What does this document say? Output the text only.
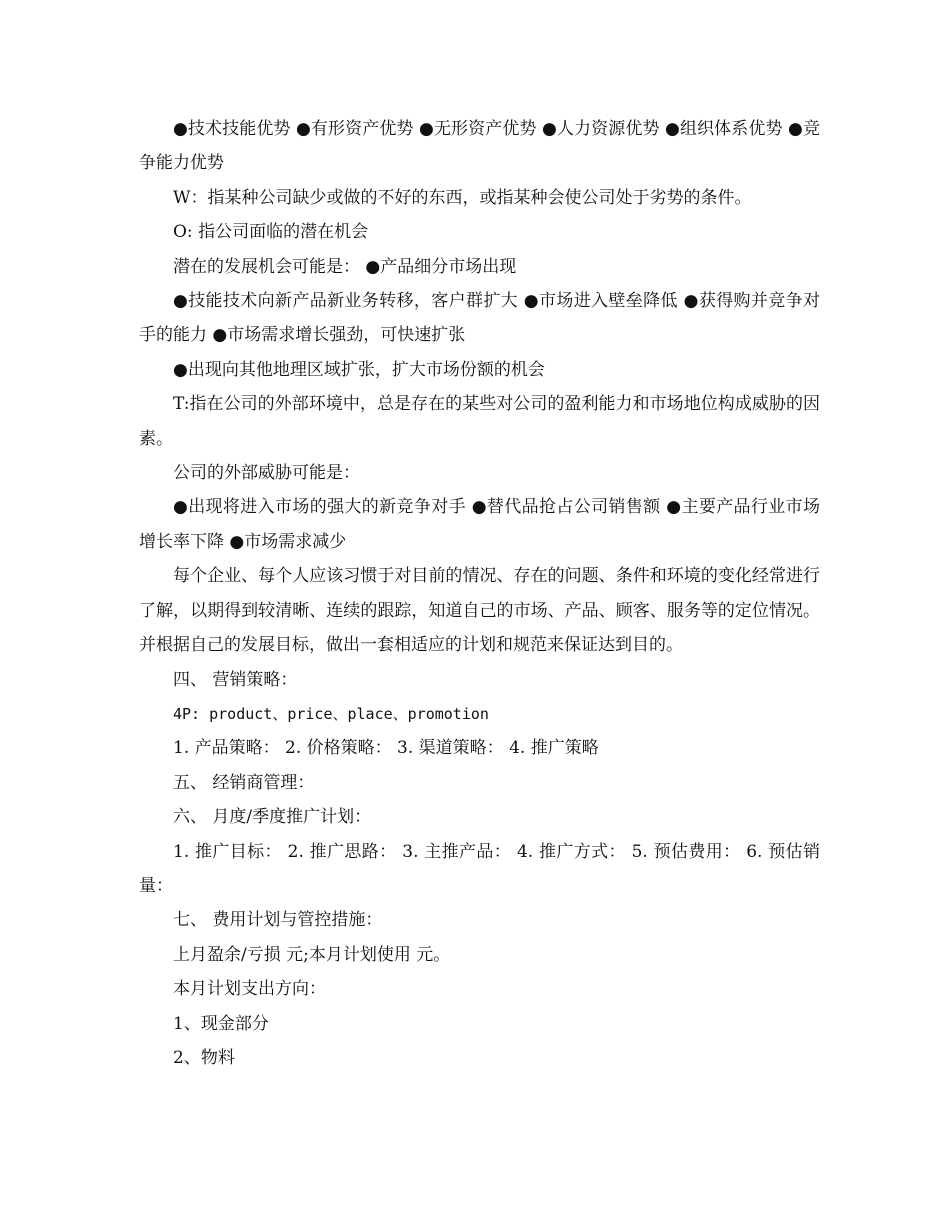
●技术技能优势 ●有形资产优势 ●无形资产优势 ●人力资源优势 ●组织体系优势 ●竞争能力优势

W：指某种公司缺少或做的不好的东西，或指某种会使公司处于劣势的条件。

O: 指公司面临的潜在机会

潜在的发展机会可能是： ●产品细分市场出现

●技能技术向新产品新业务转移，客户群扩大 ●市场进入壁垒降低 ●获得购并竞争对手的能力 ●市场需求增长强劲，可快速扩张

●出现向其他地理区域扩张，扩大市场份额的机会

T:指在公司的外部环境中，总是存在的某些对公司的盈利能力和市场地位构成威胁的因素。

公司的外部威胁可能是：

●出现将进入市场的强大的新竞争对手 ●替代品抢占公司销售额 ●主要产品行业市场增长率下降 ●市场需求减少

每个企业、每个人应该习惯于对目前的情况、存在的问题、条件和环境的变化经常进行了解，以期得到较清晰、连续的跟踪，知道自己的市场、产品、顾客、服务等的定位情况。并根据自己的发展目标，做出一套相适应的计划和规范来保证达到目的。

四、 营销策略：

4P: product、price、place、promotion

1. 产品策略： 2. 价格策略： 3. 渠道策略： 4. 推广策略

五、 经销商管理：

六、 月度/季度推广计划：

1. 推广目标： 2. 推广思路： 3. 主推产品： 4. 推广方式： 5. 预估费用： 6. 预估销量：

七、 费用计划与管控措施：

上月盈余/亏损 元;本月计划使用 元。

本月计划支出方向：

1、现金部分

2、物料
